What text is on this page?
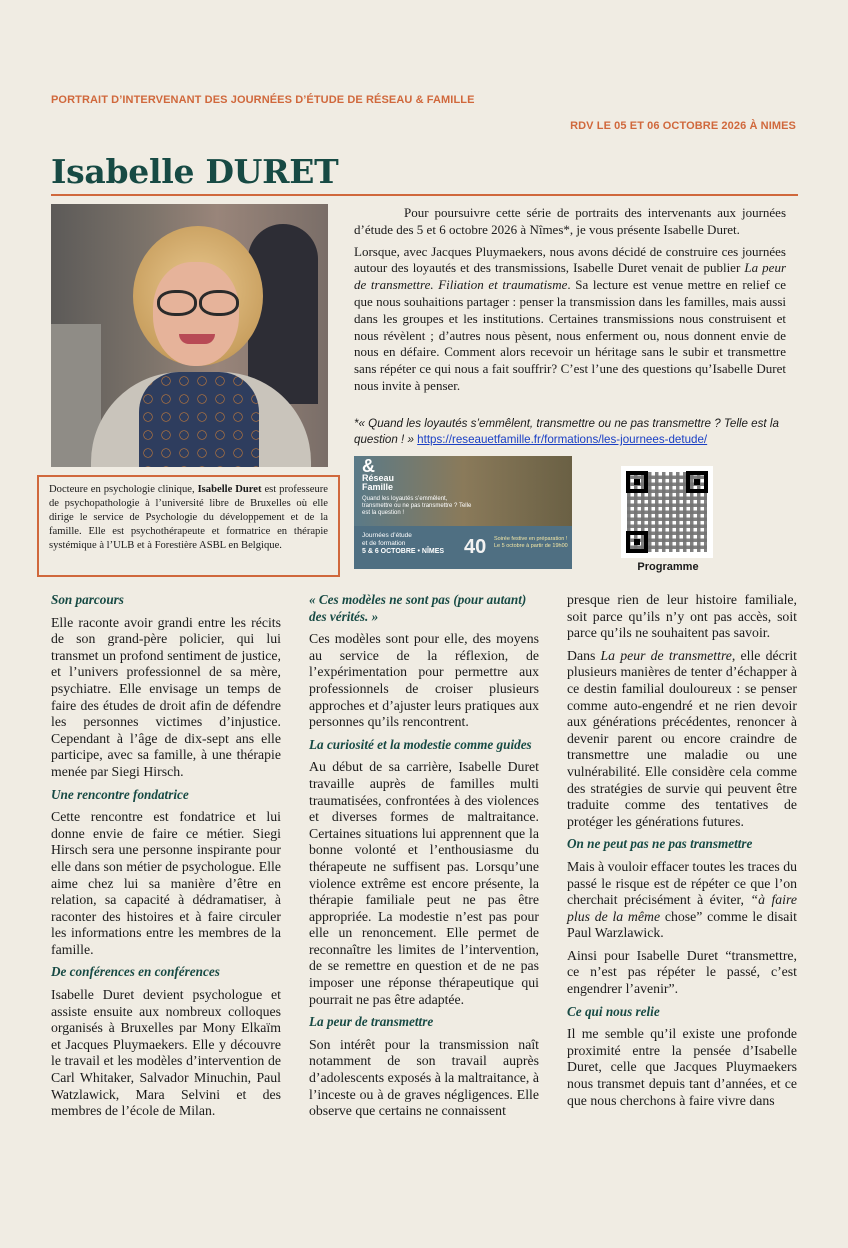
PORTRAIT D’INTERVENANT DES JOURNÉES D’ÉTUDE DE RÉSEAU & FAMILLE
RDV LE 05 ET 06 OCTOBRE 2026 À NIMES
Isabelle DURET
Docteure en psychologie clinique, Isabelle Duret est professeure de psychopathologie à l’université libre de Bruxelles où elle dirige le service de Psychologie du développement et de la famille. Elle est psychothérapeute et formatrice en thérapie systémique à l’ULB et à Forestière ASBL en Belgique.

Pour poursuivre cette série de portraits des intervenants aux journées d’étude des 5 et 6 octobre 2026 à Nîmes*, je vous présente Isabelle Duret.

Lorsque, avec Jacques Pluymaekers, nous avons décidé de construire ces journées autour des loyautés et des transmissions, Isabelle Duret venait de publier La peur de transmettre. Filiation et traumatisme. Sa lecture est venue mettre en relief ce que nous souhaitions partager : penser la transmission dans les familles, mais aussi dans les groupes et les institutions. Certaines transmissions nous construisent et nous révèlent ; d’autres nous pèsent, nous enferment ou, nous donnent envie de nous en défaire. Comment alors recevoir un héritage sans le subir et transmettre sans répéter ce qui nous a fait souffrir? C’est l’une des questions qu’Isabelle Duret nous invite à penser.

*« Quand les loyautés s’emmêlent, transmettre ou ne pas transmettre ? Telle est la question ! » https://reseauetfamille.fr/formations/les-journees-detude/
&
Réseau
Famille
Quand les loyautés s’emmêlent, transmettre ou ne pas transmettre ? Telle est la question !
Journées d’étude
et de formation
5 & 6 OCTOBRE • NÎMES 40 Soirée festive en préparation !
Le 5 octobre à partir de 19h00
Programme
Son parcours

Elle raconte avoir grandi entre les récits de son grand-père policier, qui lui transmet un profond sentiment de justice, et l’univers professionnel de sa mère, psychiatre. Elle envisage un temps de faire des études de droit afin de défendre les personnes victimes d’injustice. Cependant à l’âge de dix-sept ans elle participe, avec sa famille, à une thérapie menée par Siegi Hirsch.

Une rencontre fondatrice

Cette rencontre est fondatrice et lui donne envie de faire ce métier. Siegi Hirsch sera une personne inspirante pour elle dans son métier de psychologue. Elle aime chez lui sa manière d’être en relation, sa capacité à dédramatiser, à raconter des histoires et à faire circuler les informations entre les membres de la famille.

De conférences en conférences

Isabelle Duret devient psychologue et assiste ensuite aux nombreux colloques organisés à Bruxelles par Mony Elkaïm et Jacques Pluymaekers. Elle y découvre le travail et les modèles d’intervention de Carl Whitaker, Salvador Minuchin, Paul Watzlawick, Mara Selvini et des membres de l’école de Milan.

« Ces modèles ne sont pas (pour autant) des vérités. »

Ces modèles sont pour elle, des moyens au service de la réflexion, de l’expérimentation pour permettre aux professionnels de croiser plusieurs approches et d’ajuster leurs pratiques aux personnes qu’ils rencontrent.

La curiosité et la modestie comme guides

Au début de sa carrière, Isabelle Duret travaille auprès de familles multi traumatisées, confrontées à des violences et diverses formes de maltraitance. Certaines situations lui apprennent que la bonne volonté et l’enthousiasme du thérapeute ne suffisent pas. Lorsqu’une violence extrême est encore présente, la thérapie familiale peut ne pas être appropriée. La modestie n’est pas pour elle un renoncement. Elle permet de reconnaître les limites de l’intervention, de se remettre en question et de ne pas imposer une réponse thérapeutique qui pourrait ne pas être adaptée.

La peur de transmettre

Son intérêt pour la transmission naît notamment de son travail auprès d’adolescents exposés à la maltraitance, à l’inceste ou à de graves négligences. Elle observe que certains ne connaissent

presque rien de leur histoire familiale, soit parce qu’ils n’y ont pas accès, soit parce qu’ils ne souhaitent pas savoir.

Dans La peur de transmettre, elle décrit plusieurs manières de tenter d’échapper à ce destin familial douloureux : se penser comme auto-engendré et ne rien devoir aux générations précédentes, renoncer à devenir parent ou encore craindre de transmettre une maladie ou une vulnérabilité. Elle considère cela comme des stratégies de survie qui peuvent être traduite comme des tentatives de protéger les générations futures.

On ne peut pas ne pas transmettre

Mais à vouloir effacer toutes les traces du passé le risque est de répéter ce que l’on cherchait précisément à éviter, “à faire plus de la même chose” comme le disait Paul Warzlawick.

Ainsi pour Isabelle Duret “transmettre, ce n’est pas répéter le passé, c’est engendrer l’avenir”.

Ce qui nous relie

Il me semble qu’il existe une profonde proximité entre la pensée d’Isabelle Duret, celle que Jacques Pluymaekers nous transmet depuis tant d’années, et ce que nous cherchons à faire vivre dans
